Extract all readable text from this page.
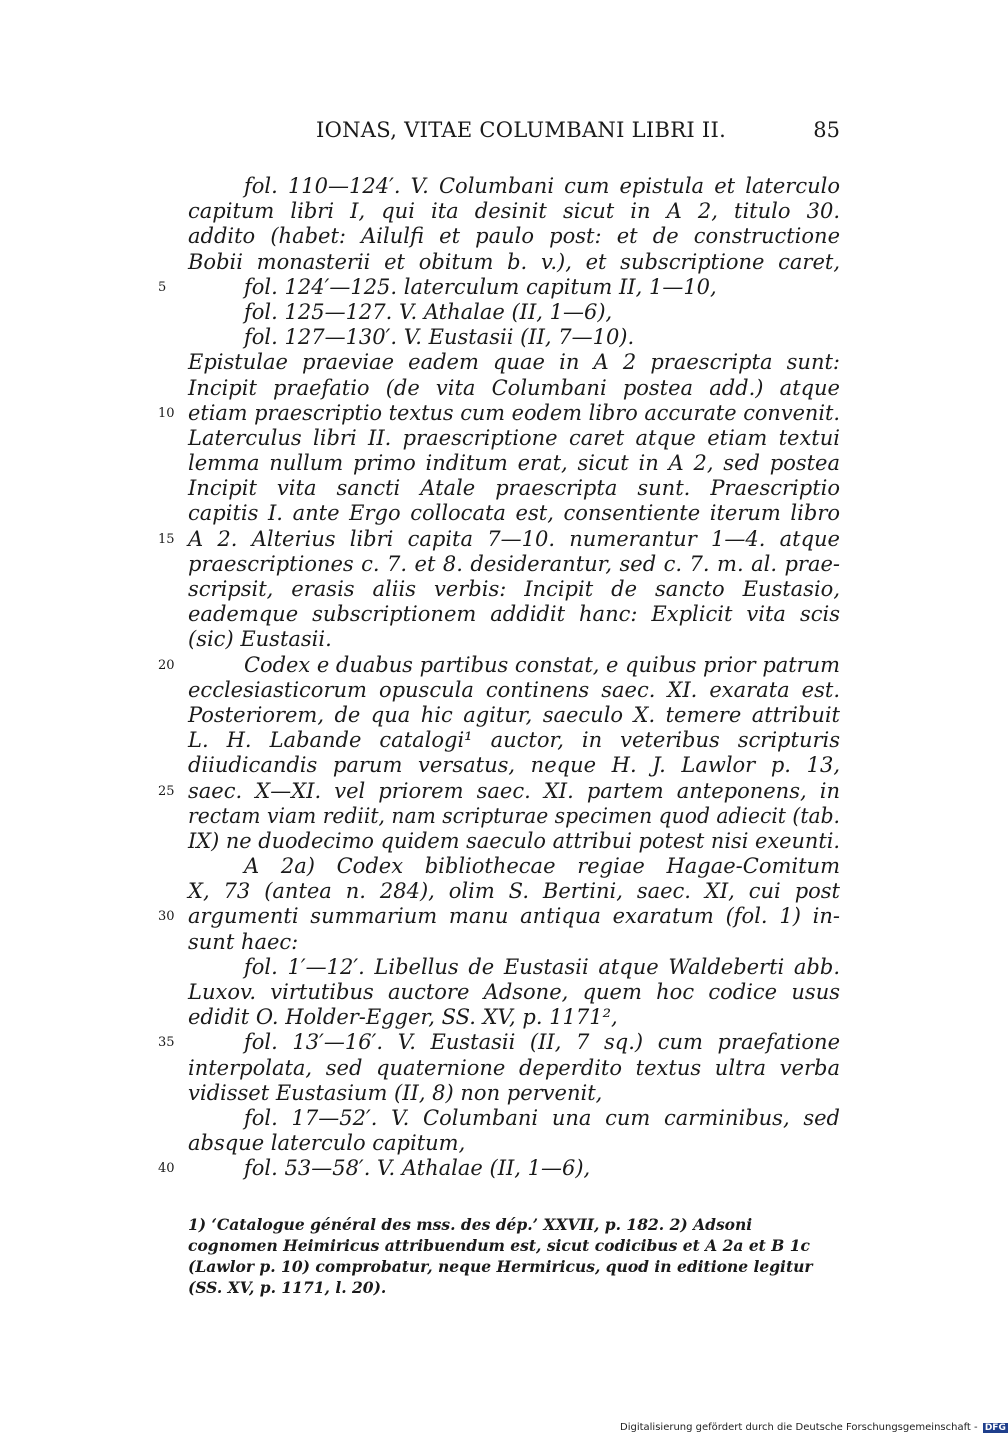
IONAS, VITAE COLUMBANI LIBRI II.	85
fol. 110—124′. V. Columbani cum epistula et laterculo
capitum libri I, qui ita desinit sicut in A 2, titulo 30.
addito (habet: Ailulfi et paulo post: et de constructione
Bobii monasterii et obitum b. v.), et subscriptione caret,
5	fol. 124′—125. laterculum capitum II, 1—10,
fol. 125—127. V. Athalae (II, 1—6),
fol. 127—130′. V. Eustasii (II, 7—10).
Epistulae praeviae eadem quae in A 2 praescripta sunt:
Incipit praefatio (de vita Columbani postea add.) atque
10 etiam praescriptio textus cum eodem libro accurate convenit.
Laterculus libri II. praescriptione caret atque etiam textui
lemma nullum primo inditum erat, sicut in A 2, sed postea
Incipit vita sancti Atale praescripta sunt. Praescriptio
capitis I. ante Ergo collocata est, consentiente iterum libro
15 A 2. Alterius libri capita 7—10. numerantur 1—4. atque
praescriptiones c. 7. et 8. desiderantur, sed c. 7. m. al. prae-
scripsit, erasis aliis verbis: Incipit de sancto Eustasio,
eademque subscriptionem addidit hanc: Explicit vita scis
(sic) Eustasii.
20	Codex e duabus partibus constat, e quibus prior patrum
ecclesiasticorum opuscula continens saec. XI. exarata est.
Posteriorem, de qua hic agitur, saeculo X. temere attribuit
L. H. Labande catalogi¹ auctor, in veteribus scripturis
diiudicandis parum versatus, neque H. J. Lawlor p. 13,
25 saec. X—XI. vel priorem saec. XI. partem anteponens, in
rectam viam rediit, nam scripturae specimen quod adiecit (tab.
IX) ne duodecimo quidem saeculo attribui potest nisi exeunti.
A 2a) Codex bibliothecae regiae Hagae-Comitum
X, 73 (antea n. 284), olim S. Bertini, saec. XI, cui post
30 argumenti summarium manu antiqua exaratum (fol. 1) in-
sunt haec:
fol. 1′—12′. Libellus de Eustasii atque Waldeberti abb.
Luxov. virtutibus auctore Adsone, quem hoc codice usus
edidit O. Holder-Egger, SS. XV, p. 1171²,
35	fol. 13′—16′. V. Eustasii (II, 7 sq.) cum praefatione
interpolata, sed quaternione deperdito textus ultra verba
vidisset Eustasium (II, 8) non pervenit,
fol. 17—52′. V. Columbani una cum carminibus, sed
absque laterculo capitum,
40	fol. 53—58′. V. Athalae (II, 1—6),
1) ‘Catalogue général des mss. des dép.’ XXVII, p. 182. 2) Adsoni
cognomen Heimiricus attribuendum est, sicut codicibus et A 2a et B 1c
(Lawlor p. 10) comprobatur, neque Hermiricus, quod in editione legitur
(SS. XV, p. 1171, l. 20).
Digitalisierung gefördert durch die Deutsche Forschungsgemeinschaft - DFG
